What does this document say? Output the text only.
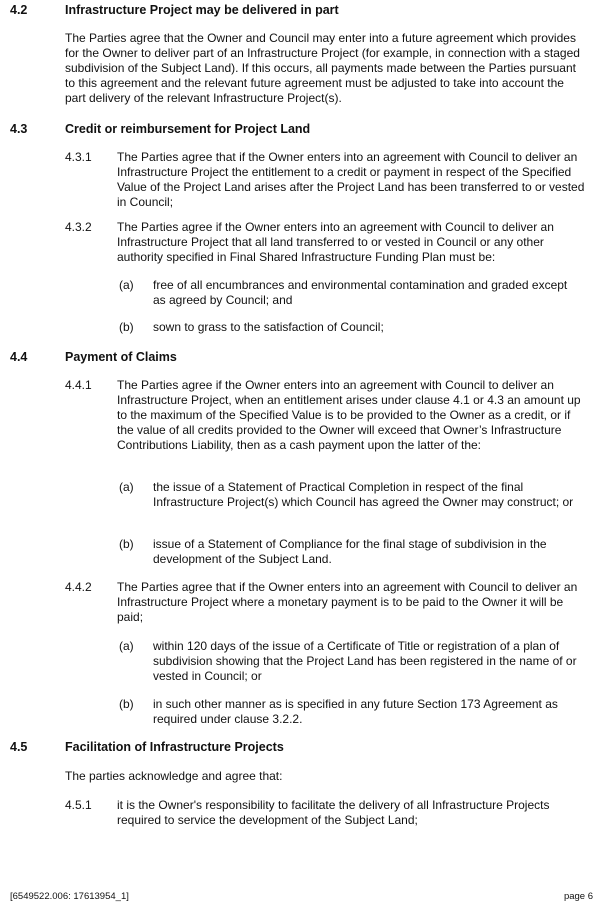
4.2	Infrastructure Project may be delivered in part

The Parties agree that the Owner and Council may enter into a future agreement which provides for the Owner to deliver part of an Infrastructure Project (for example, in connection with a staged subdivision of the Subject Land). If this occurs, all payments made between the Parties pursuant to this agreement and the relevant future agreement must be adjusted to take into account the part delivery of the relevant Infrastructure Project(s).

4.3	Credit or reimbursement for Project Land
4.3.1 The Parties agree that if the Owner enters into an agreement with Council to deliver an Infrastructure Project the entitlement to a credit or payment in respect of the Specified Value of the Project Land arises after the Project Land has been transferred to or vested in Council;

4.3.2 The Parties agree if the Owner enters into an agreement with Council to deliver an Infrastructure Project that all land transferred to or vested in Council or any other authority specified in Final Shared Infrastructure Funding Plan must be:

(a) free of all encumbrances and environmental contamination and graded except as agreed by Council; and

(b) sown to grass to the satisfaction of Council;

4.4	Payment of Claims
4.4.1 The Parties agree if the Owner enters into an agreement with Council to deliver an Infrastructure Project, when an entitlement arises under clause 4.1 or 4.3 an amount up to the maximum of the Specified Value is to be provided to the Owner as a credit, or if the value of all credits provided to the Owner will exceed that Owner’s Infrastructure Contributions Liability, then as a cash payment upon the latter of the:

(a) the issue of a Statement of Practical Completion in respect of the final Infrastructure Project(s) which Council has agreed the Owner may construct; or

(b) issue of a Statement of Compliance for the final stage of subdivision in the development of the Subject Land.

4.4.2 The Parties agree that if the Owner enters into an agreement with Council to deliver an Infrastructure Project where a monetary payment is to be paid to the Owner it will be paid;

(a) within 120 days of the issue of a Certificate of Title or registration of a plan of subdivision showing that the Project Land has been registered in the name of or vested in Council; or

(b) in such other manner as is specified in any future Section 173 Agreement as required under clause 3.2.2.

4.5	Facilitation of Infrastructure Projects

The parties acknowledge and agree that:

4.5.1 it is the Owner's responsibility to facilitate the delivery of all Infrastructure Projects required to service the development of the Subject Land;

[6549522.006: 17613954_1]	page 6
